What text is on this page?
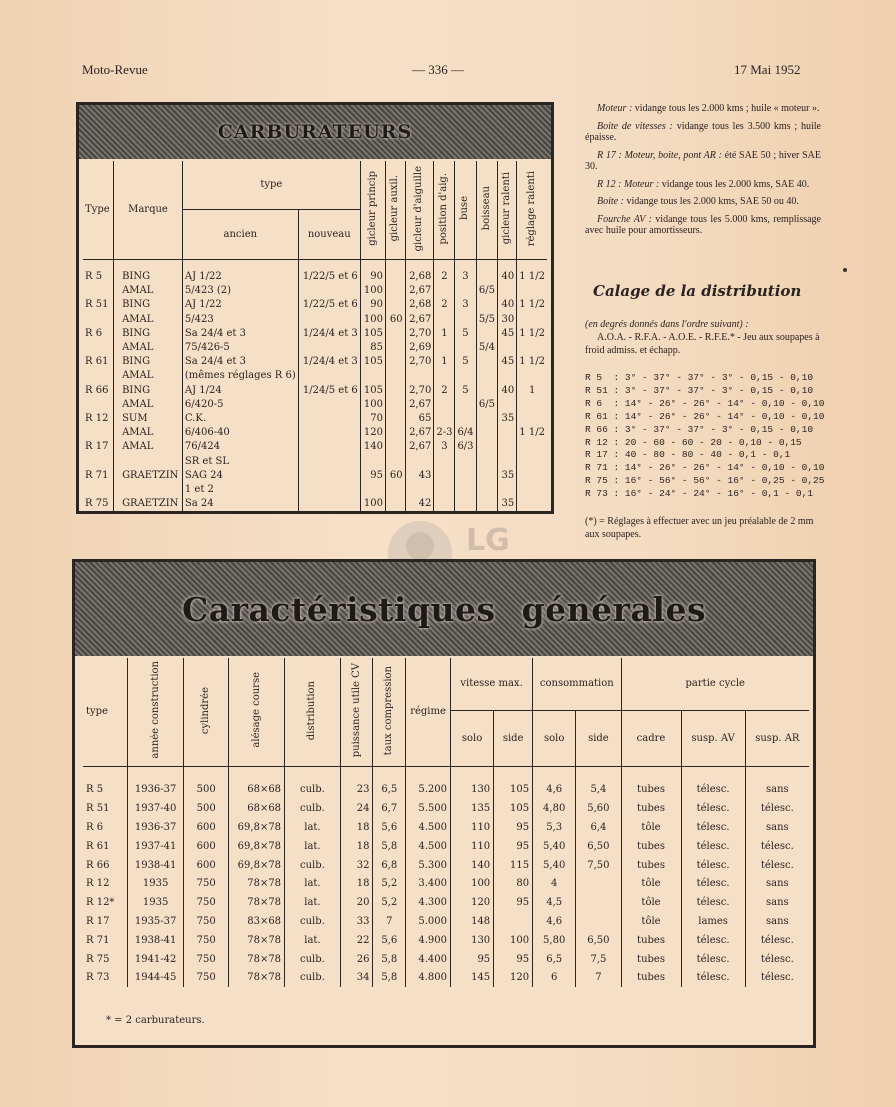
Moto-Revue	— 336 —	17 Mai 1952
CARBURATEURS
Type	Marque	type		gicleur princip	gicleur auxil.	gicleur d'aiguille	position d'aig.	buse	boisseau	gicleur ralenti	réglage ralenti
		ancien	nouveau								
R 5	BING	AJ 1/22	1/22/5 et 6	90		2,68	2	3		40	1 1/2
	AMAL	5/423 (2)		100		2,67			6/5		
R 51	BING	AJ 1/22	1/22/5 et 6	90		2,68	2	3		40	1 1/2
	AMAL	5/423		100	60	2,67			5/5	30	
R 6	BING	Sa 24/4 et 3	1/24/4 et 3	105		2,70	1	5		45	1 1/2
	AMAL	75/426-5		85		2,69			5/4		
R 61	BING	Sa 24/4 et 3	1/24/4 et 3	105		2,70	1	5		45	1 1/2
	AMAL	(mêmes réglages R 6)									
R 66	BING	AJ 1/24	1/24/5 et 6	105		2,70	2	5		40	1
	AMAL	6/420-5		100		2,67			6/5		
R 12	SUM	C.K.		70		65				35	
	AMAL	6/406-40		120		2,67	2-3	6/4			1 1/2
R 17	AMAL	76/424		140		2,67	3	6/3			
		SR et SL									
R 71	GRAETZIN	SAG 24		95	60	43				35	
		1 et 2									
R 75	GRAETZIN	Sa 24		100		42				35	

Moteur : vidange tous les 2.000 kms ; huile « moteur ».

Boite de vitesses : vidange tous les 3.500 kms ; huile épaisse.

R 17 : Moteur, boite, pont AR : été SAE 50 ; hiver SAE 30.

R 12 : Moteur : vidange tous les 2.000 kms, SAE 40.

Boite : vidange tous les 2.000 kms, SAE 50 ou 40.

Fourche AV : vidange tous les 5.000 kms, remplissage avec huile pour amortisseurs.

Calage de la distribution
(en degrés donnés dans l'ordre suivant) :
A.O.A. - R.F.A. - A.O.E. - R.F.E.* - Jeu aux soupapes à froid admiss. et échapp.
R 5  : 3° - 37° - 37° - 3° - 0,15 - 0,10
R 51 : 3° - 37° - 37° - 3° - 0,15 - 0,10
R 6  : 14° - 26° - 26° - 14° - 0,10 - 0,10
R 61 : 14° - 26° - 26° - 14° - 0,10 - 0,10
R 66 : 3° - 37° - 37° - 3° - 0,15 - 0,10
R 12 : 20 - 60 - 60 - 20 - 0,10 - 0,15
R 17 : 40 - 80 - 80 - 40 - 0,1 - 0,1
R 71 : 14° - 26° - 26° - 14° - 0,10 - 0,10
R 75 : 16° - 56° - 56° - 16° - 0,25 - 0,25
R 73 : 16° - 24° - 24° - 16° - 0,1 - 0,1
(*) = Réglages à effectuer avec un jeu préalable de 2 mm aux soupapes.
LG
Caractéristiques générales
type	année construction	cylindrée	alésage course	distribution	puissance utile CV	taux compression	régime	vitesse max.		consommation		partie cycle		
								solo	side	solo	side	cadre	susp. AV	susp. AR
R 5	1936-37	500	68×68	culb.	23	6,5	5.200	130	105	4,6	5,4	tubes	télesc.	sans
R 51	1937-40	500	68×68	culb.	24	6,7	5.500	135	105	4,80	5,60	tubes	télesc.	télesc.
R 6	1936-37	600	69,8×78	lat.	18	5,6	4.500	110	95	5,3	6,4	tôle	télesc.	sans
R 61	1937-41	600	69,8×78	lat.	18	5,8	4.500	110	95	5,40	6,50	tubes	télesc.	télesc.
R 66	1938-41	600	69,8×78	culb.	32	6,8	5.300	140	115	5,40	7,50	tubes	télesc.	télesc.
R 12	1935	750	78×78	lat.	18	5,2	3.400	100	80	4		tôle	télesc.	sans
R 12*	1935	750	78×78	lat.	20	5,2	4.300	120	95	4,5		tôle	télesc.	sans
R 17	1935-37	750	83×68	culb.	33	7	5.000	148		4,6		tôle	lames	sans
R 71	1938-41	750	78×78	lat.	22	5,6	4.900	130	100	5,80	6,50	tubes	télesc.	télesc.
R 75	1941-42	750	78×78	culb.	26	5,8	4.400	95	95	6,5	7,5	tubes	télesc.	télesc.
R 73	1944-45	750	78×78	culb.	34	5,8	4.800	145	120	6	7	tubes	télesc.	télesc.
* = 2 carburateurs.
